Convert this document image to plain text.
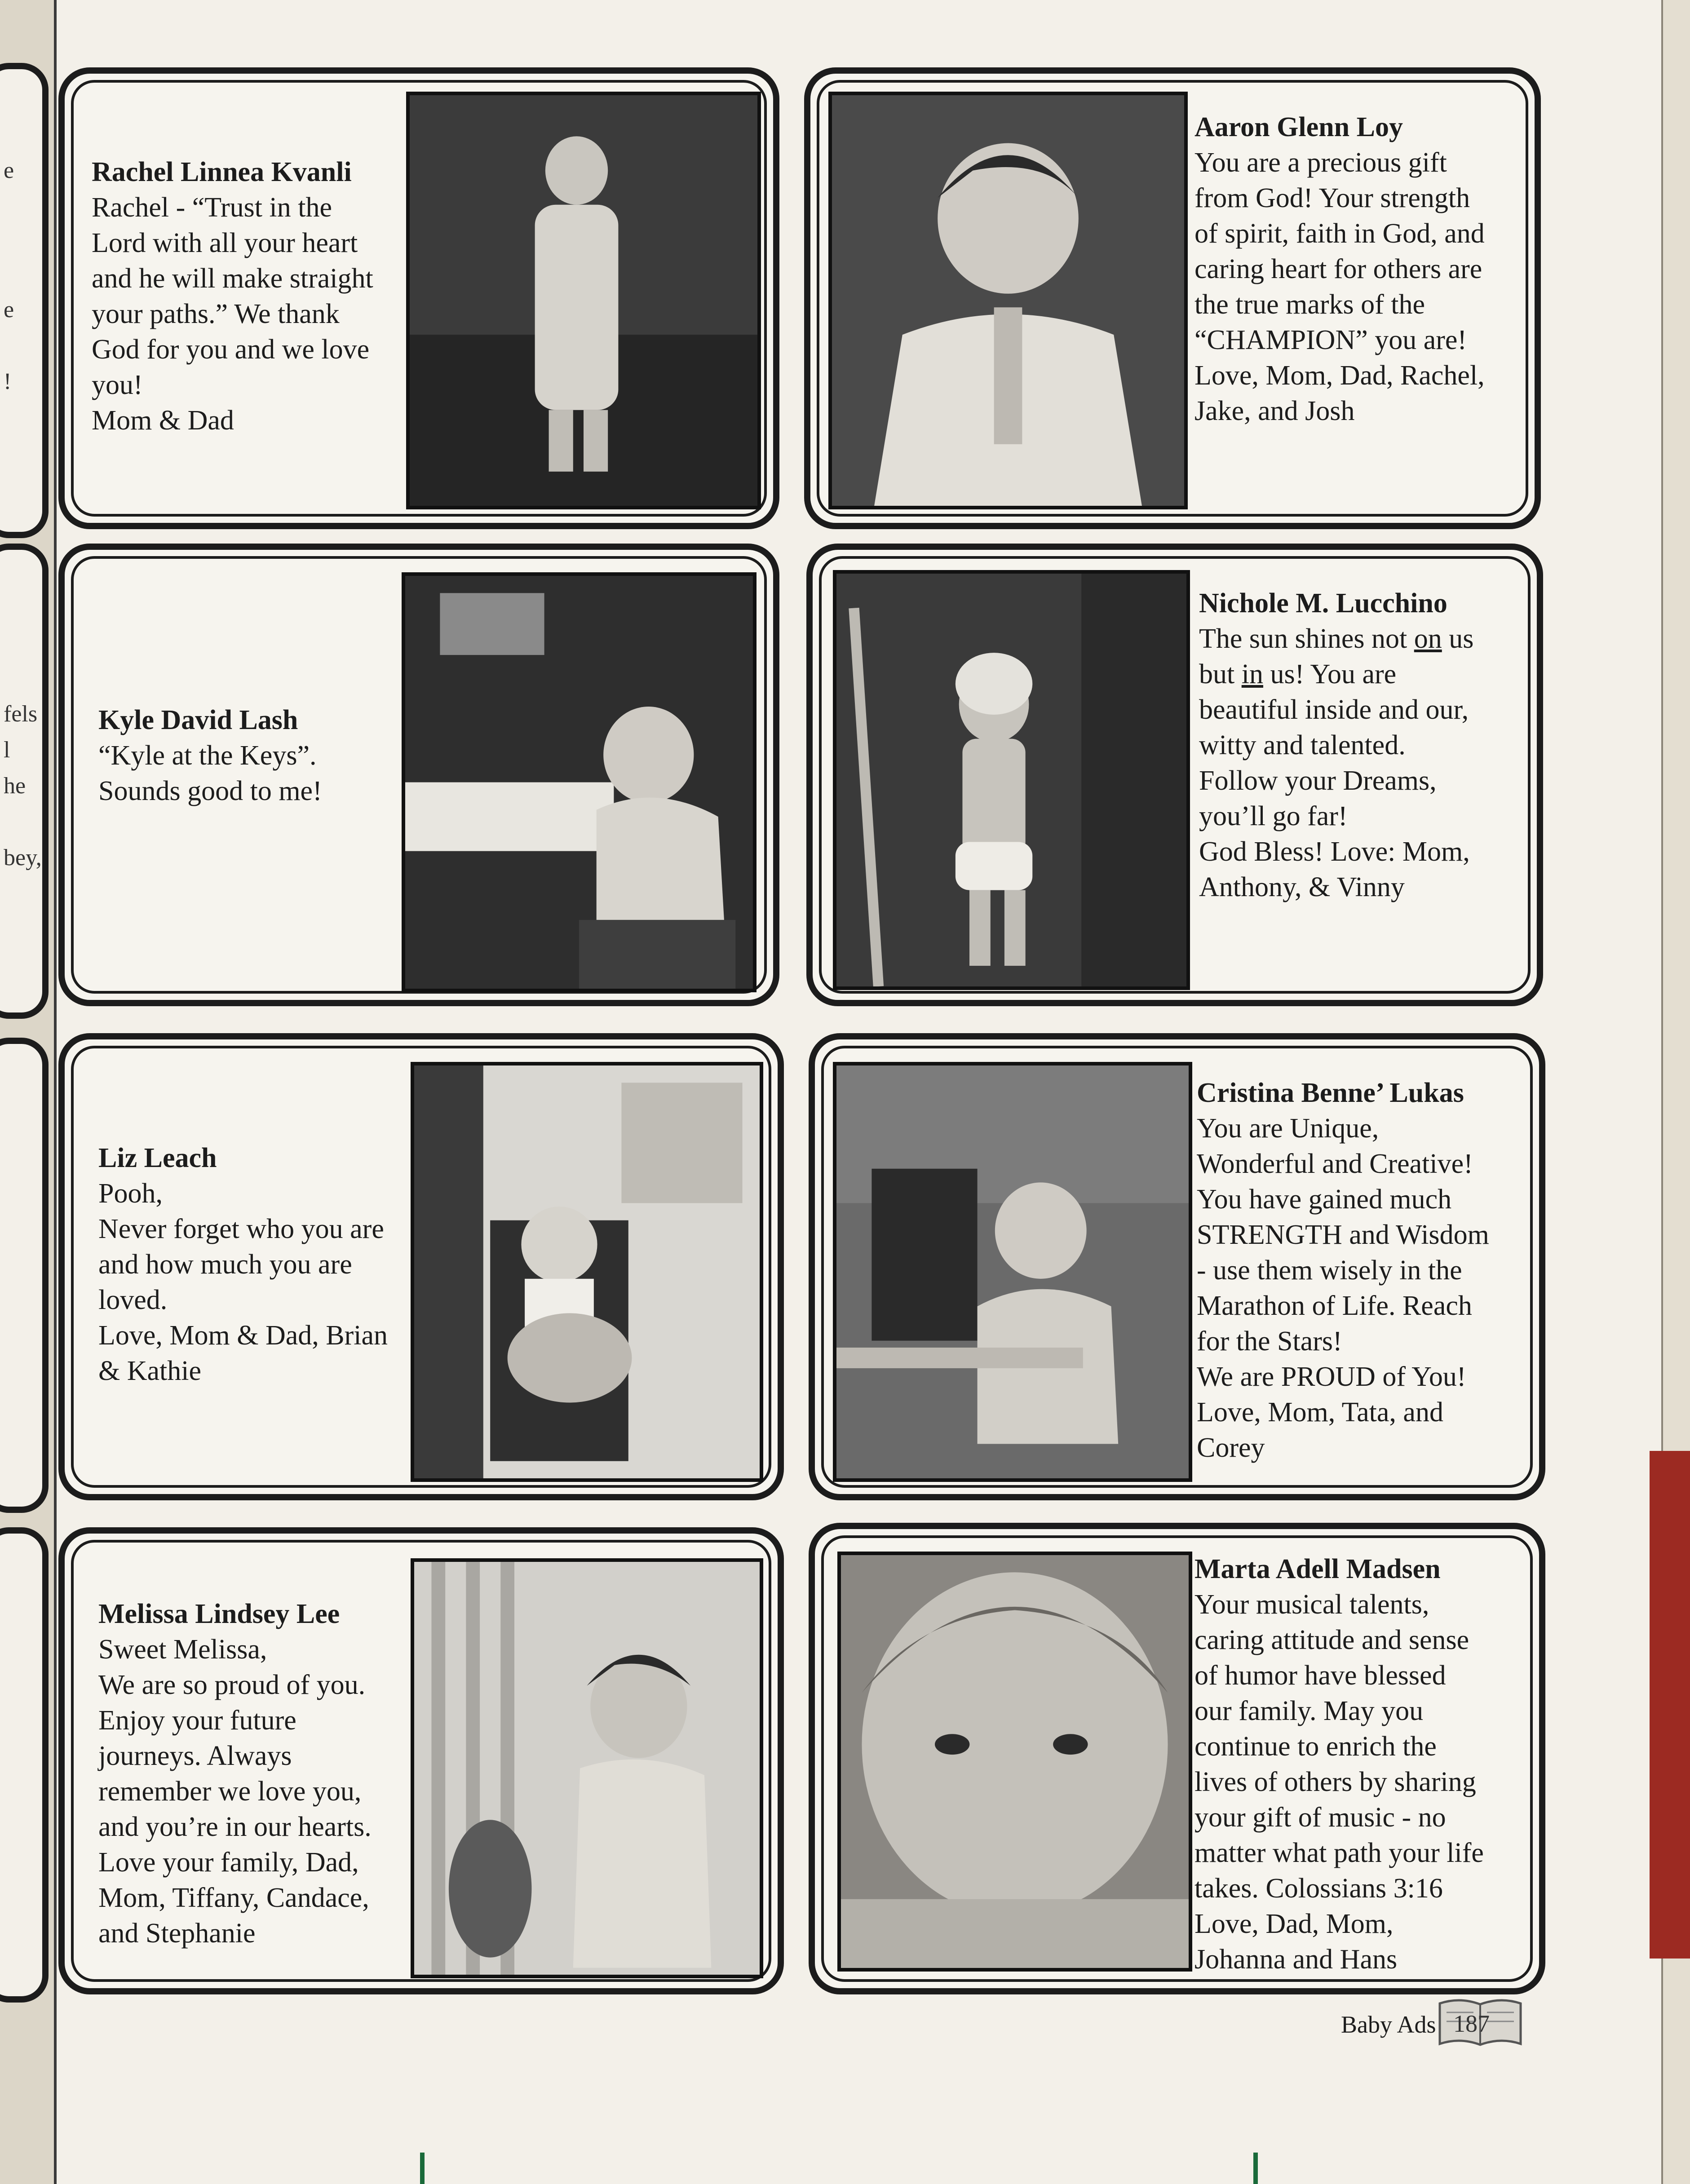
e
e
!
fels
l
he
bey,
Rachel Linnea Kvanli
Rachel - “Trust in the
Lord with all your heart
and he will make straight
your paths.” We thank
God for you and we love
you!
Mom & Dad
Aaron Glenn Loy
You are a precious gift
from God! Your strength
of spirit, faith in God, and
caring heart for others are
the true marks of the
“CHAMPION” you are!
Love, Mom, Dad, Rachel,
Jake, and Josh
Kyle David Lash
“Kyle at the Keys”.
Sounds good to me!
Nichole M. Lucchino
The sun shines not on us
but in us! You are
beautiful inside and our,
witty and talented.
Follow your Dreams,
you’ll go far!
God Bless! Love: Mom,
Anthony, & Vinny
Liz Leach
Pooh,
Never forget who you are
and how much you are
loved.
Love, Mom & Dad, Brian
& Kathie
Cristina Benne’ Lukas
You are Unique,
Wonderful and Creative!
You have gained much
STRENGTH and Wisdom
- use them wisely in the
Marathon of Life. Reach
for the Stars!
We are PROUD of You!
Love, Mom, Tata, and
Corey
Melissa Lindsey Lee
Sweet Melissa,
We are so proud of you.
Enjoy your future
journeys. Always
remember we love you,
and you’re in our hearts.
Love your family, Dad,
Mom, Tiffany, Candace,
and Stephanie
Marta Adell Madsen
Your musical talents,
caring attitude and sense
of humor have blessed
our family. May you
continue to enrich the
lives of others by sharing
your gift of music - no
matter what path your life
takes. Colossians 3:16
Love, Dad, Mom,
Johanna and Hans
Baby Ads 187
